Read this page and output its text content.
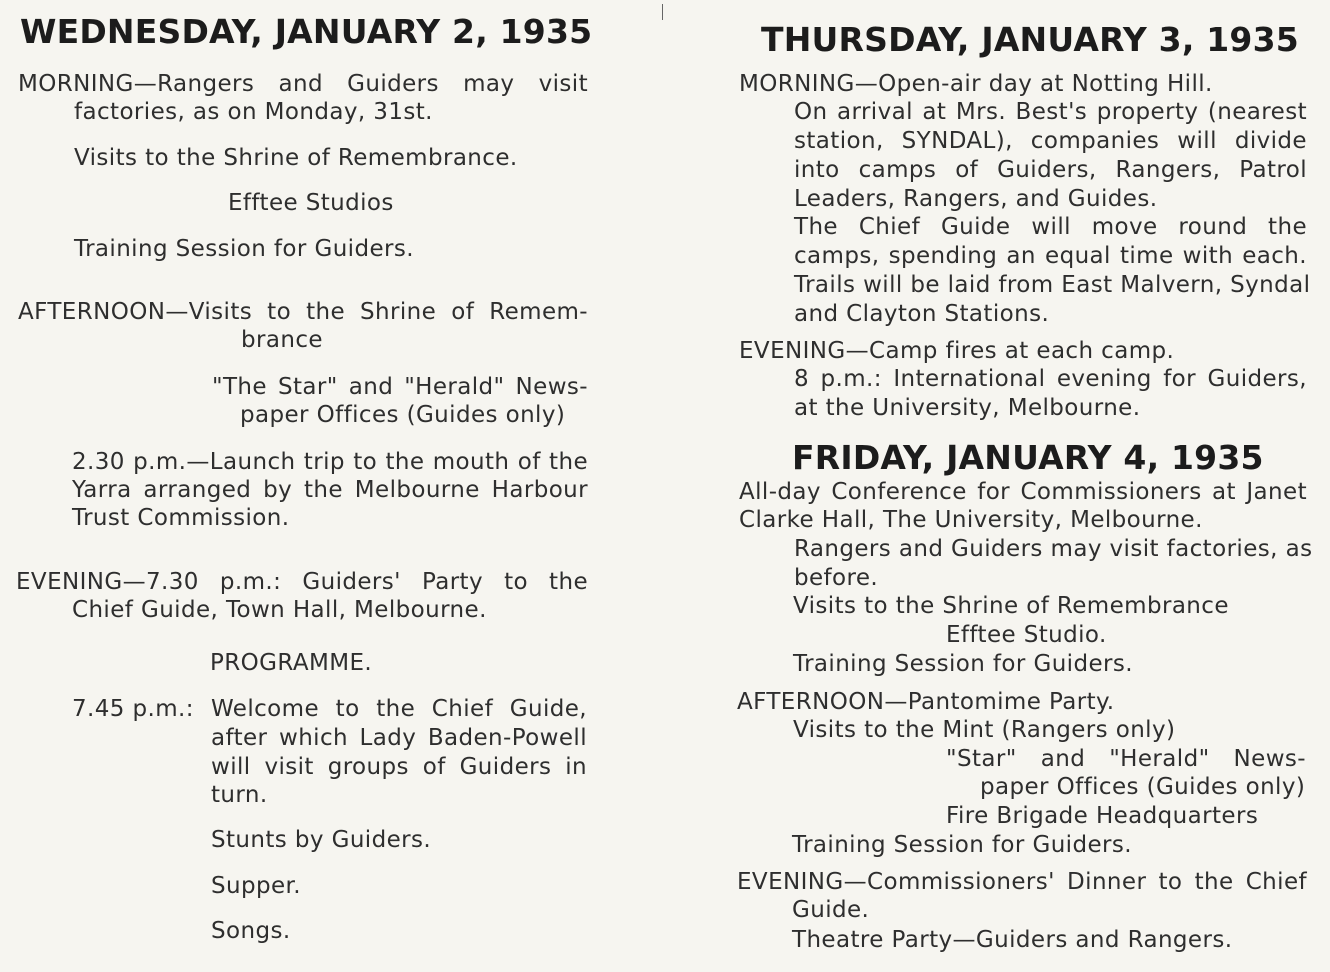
WEDNESDAY, JANUARY 2, 1935
MORNING—Rangers and Guiders may visit
factories, as on Monday, 31st.
Visits to the Shrine of Remembrance.
Efftee Studios
Training Session for Guiders.
AFTERNOON—Visits to the Shrine of Remem-
brance
"The Star" and "Herald" News-
paper Offices (Guides only)
2.30 p.m.—Launch trip to the mouth of the
Yarra arranged by the Melbourne Harbour
Trust Commission.
EVENING—7.30 p.m.: Guiders' Party to the
Chief Guide, Town Hall, Melbourne.
PROGRAMME.
7.45 p.m.: Welcome to the Chief Guide,
after which Lady Baden-Powell
will visit groups of Guiders in
turn.
Stunts by Guiders.
Supper.
Songs.
THURSDAY, JANUARY 3, 1935
MORNING—Open-air day at Notting Hill.
On arrival at Mrs. Best's property (nearest
station, SYNDAL), companies will divide
into camps of Guiders, Rangers, Patrol
Leaders, Rangers, and Guides.
The Chief Guide will move round the
camps, spending an equal time with each.
Trails will be laid from East Malvern, Syndal
and Clayton Stations.
EVENING—Camp fires at each camp.
8 p.m.: International evening for Guiders,
at the University, Melbourne.
FRIDAY, JANUARY 4, 1935
All-day Conference for Commissioners at Janet
Clarke Hall, The University, Melbourne.
Rangers and Guiders may visit factories, as
before.
Visits to the Shrine of Remembrance
Efftee Studio.
Training Session for Guiders.
AFTERNOON—Pantomime Party.
Visits to the Mint (Rangers only)
"Star" and "Herald" News-
paper Offices (Guides only)
Fire Brigade Headquarters
Training Session for Guiders.
EVENING—Commissioners' Dinner to the Chief
Guide.
Theatre Party—Guiders and Rangers.
